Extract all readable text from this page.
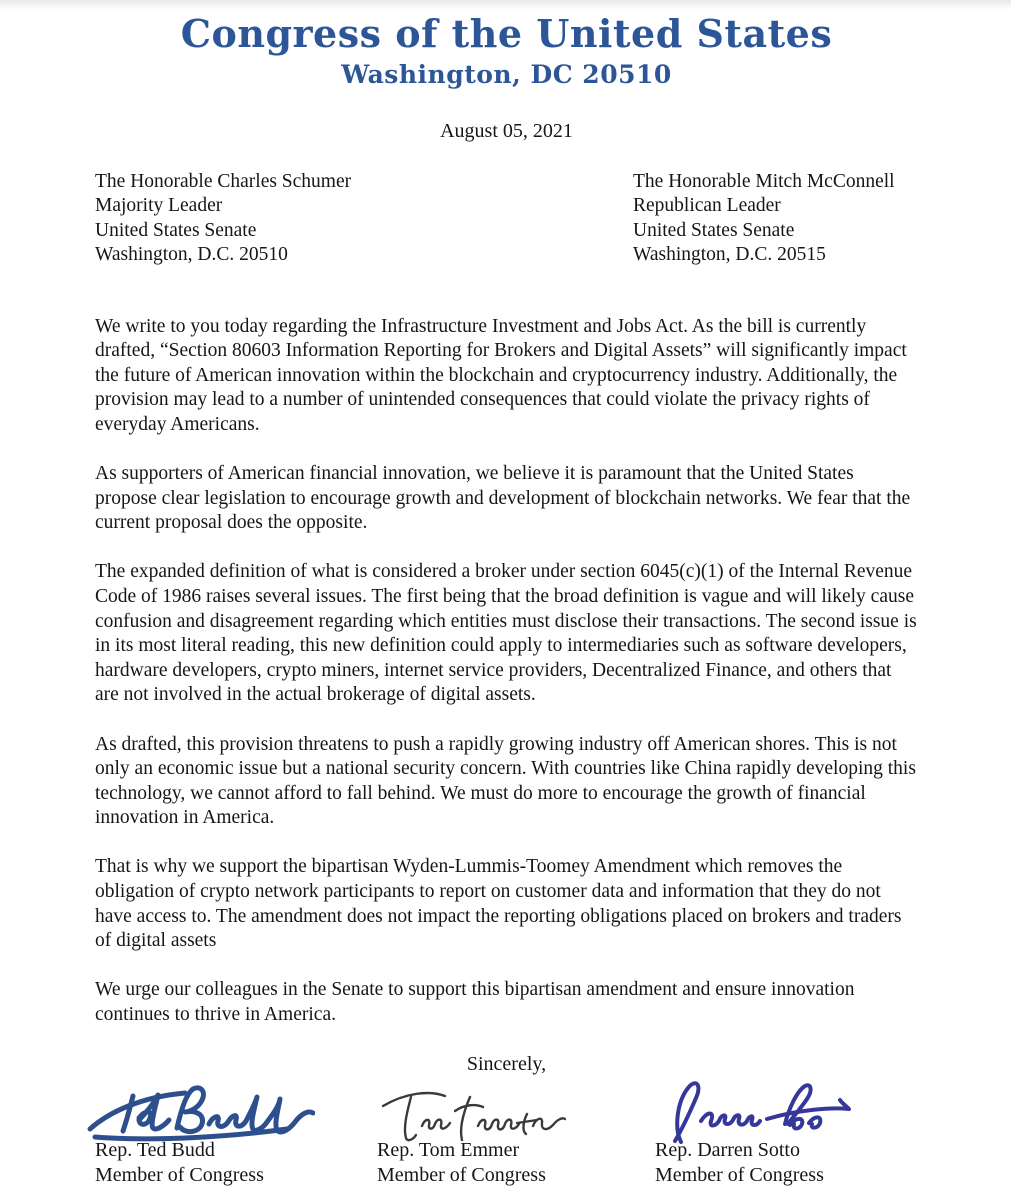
Congress of the United States
Washington, DC 20510
August 05, 2021
The Honorable Charles Schumer
Majority Leader
United States Senate
Washington, D.C. 20510
The Honorable Mitch McConnell
Republican Leader
United States Senate
Washington, D.C. 20515

We write to you today regarding the Infrastructure Investment and Jobs Act. As the bill is currently drafted, “Section 80603 Information Reporting for Brokers and Digital Assets” will significantly impact the future of American innovation within the blockchain and cryptocurrency industry. Additionally, the provision may lead to a number of unintended consequences that could violate the privacy rights of everyday Americans.

As supporters of American financial innovation, we believe it is paramount that the United States propose clear legislation to encourage growth and development of blockchain networks. We fear that the current proposal does the opposite.

The expanded definition of what is considered a broker under section 6045(c)(1) of the Internal Revenue Code of 1986 raises several issues. The first being that the broad definition is vague and will likely cause confusion and disagreement regarding which entities must disclose their transactions. The second issue is in its most literal reading, this new definition could apply to intermediaries such as software developers, hardware developers, crypto miners, internet service providers, Decentralized Finance, and others that are not involved in the actual brokerage of digital assets.

As drafted, this provision threatens to push a rapidly growing industry off American shores. This is not only an economic issue but a national security concern. With countries like China rapidly developing this technology, we cannot afford to fall behind. We must do more to encourage the growth of financial innovation in America.

That is why we support the bipartisan Wyden-Lummis-Toomey Amendment which removes the obligation of crypto network participants to report on customer data and information that they do not have access to. The amendment does not impact the reporting obligations placed on brokers and traders of digital assets

We urge our colleagues in the Senate to support this bipartisan amendment and ensure innovation continues to thrive in America.

Sincerely,
Rep. Ted Budd
Member of Congress
Rep. Tom Emmer
Member of Congress
Rep. Darren Sotto
Member of Congress
